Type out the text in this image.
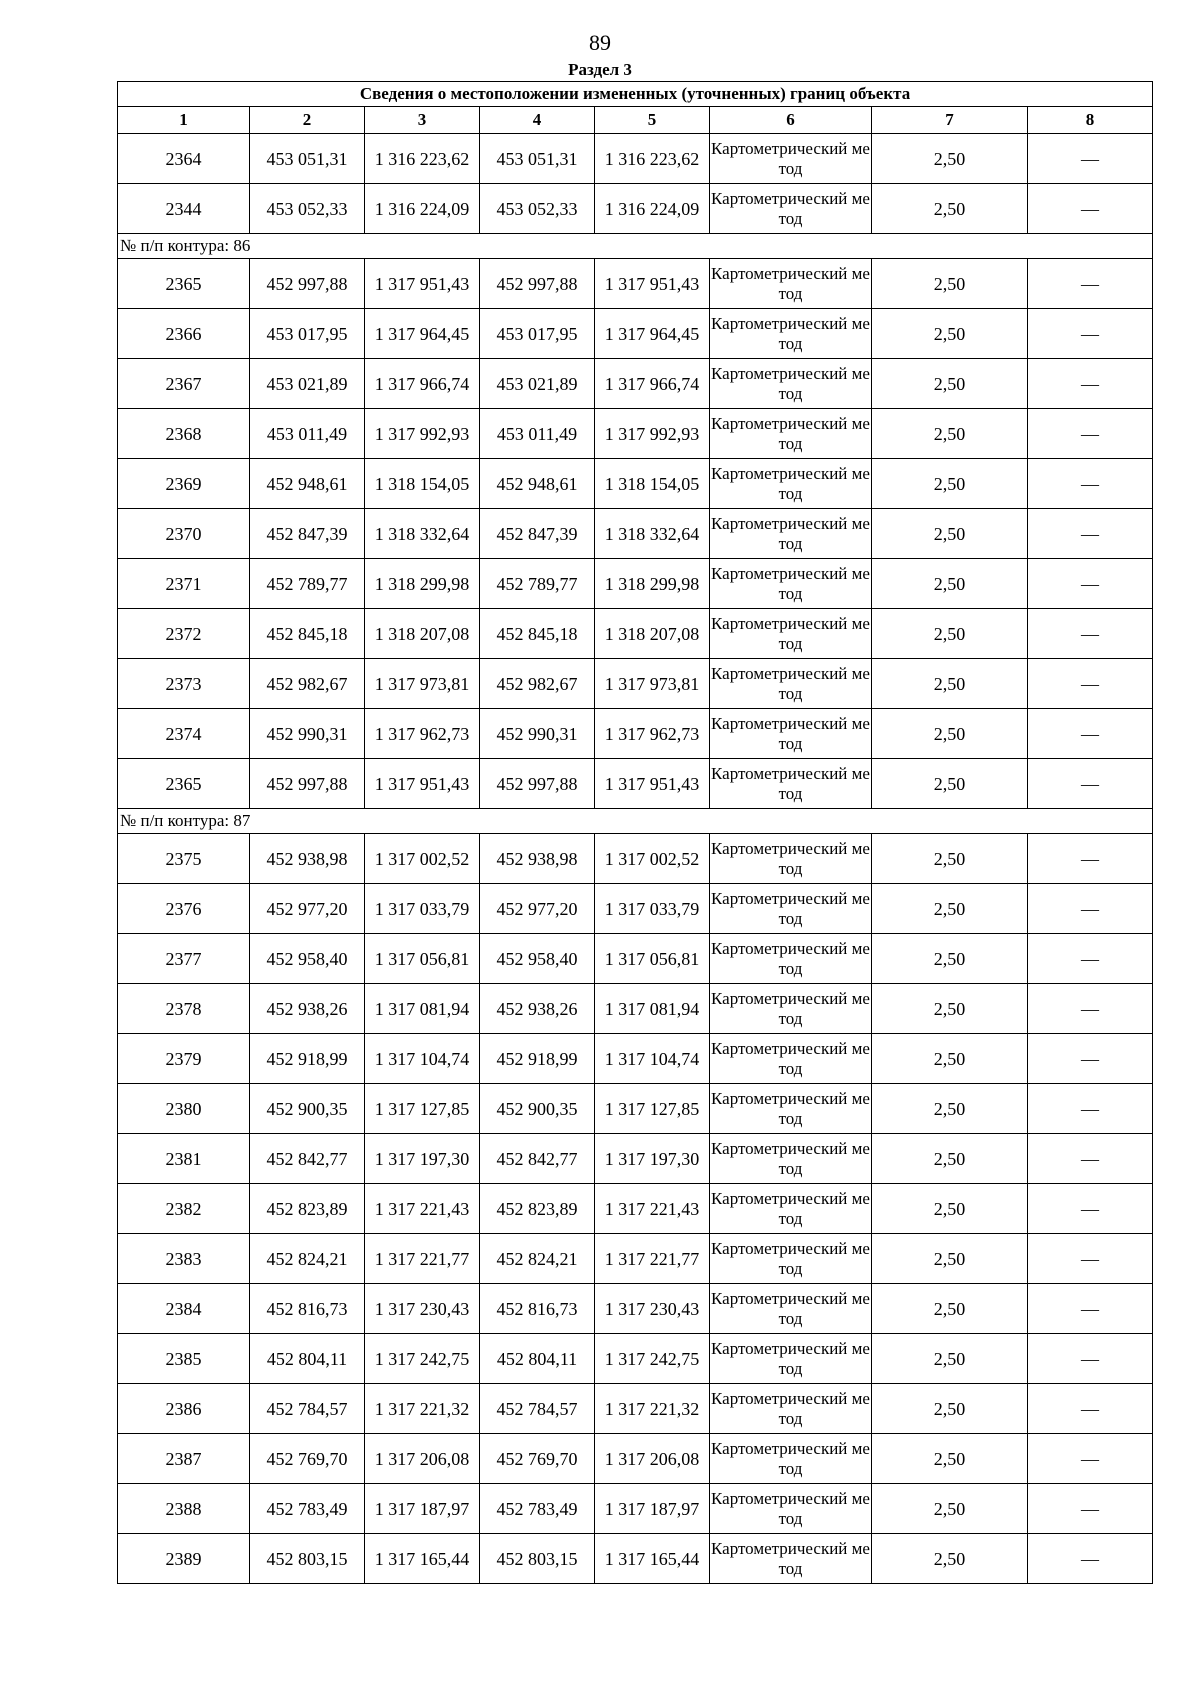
89
Раздел 3
Сведения о местоположении измененных (уточненных) границ объекта							
1	2	3	4	5	6	7	8
2364	453 051,31	1 316 223,62	453 051,31	1 316 223,62	Картометрический метод	2,50	—
2344	453 052,33	1 316 224,09	453 052,33	1 316 224,09	Картометрический метод	2,50	—
№ п/п контура: 86							
2365	452 997,88	1 317 951,43	452 997,88	1 317 951,43	Картометрический метод	2,50	—
2366	453 017,95	1 317 964,45	453 017,95	1 317 964,45	Картометрический метод	2,50	—
2367	453 021,89	1 317 966,74	453 021,89	1 317 966,74	Картометрический метод	2,50	—
2368	453 011,49	1 317 992,93	453 011,49	1 317 992,93	Картометрический метод	2,50	—
2369	452 948,61	1 318 154,05	452 948,61	1 318 154,05	Картометрический метод	2,50	—
2370	452 847,39	1 318 332,64	452 847,39	1 318 332,64	Картометрический метод	2,50	—
2371	452 789,77	1 318 299,98	452 789,77	1 318 299,98	Картометрический метод	2,50	—
2372	452 845,18	1 318 207,08	452 845,18	1 318 207,08	Картометрический метод	2,50	—
2373	452 982,67	1 317 973,81	452 982,67	1 317 973,81	Картометрический метод	2,50	—
2374	452 990,31	1 317 962,73	452 990,31	1 317 962,73	Картометрический метод	2,50	—
2365	452 997,88	1 317 951,43	452 997,88	1 317 951,43	Картометрический метод	2,50	—
№ п/п контура: 87							
2375	452 938,98	1 317 002,52	452 938,98	1 317 002,52	Картометрический метод	2,50	—
2376	452 977,20	1 317 033,79	452 977,20	1 317 033,79	Картометрический метод	2,50	—
2377	452 958,40	1 317 056,81	452 958,40	1 317 056,81	Картометрический метод	2,50	—
2378	452 938,26	1 317 081,94	452 938,26	1 317 081,94	Картометрический метод	2,50	—
2379	452 918,99	1 317 104,74	452 918,99	1 317 104,74	Картометрический метод	2,50	—
2380	452 900,35	1 317 127,85	452 900,35	1 317 127,85	Картометрический метод	2,50	—
2381	452 842,77	1 317 197,30	452 842,77	1 317 197,30	Картометрический метод	2,50	—
2382	452 823,89	1 317 221,43	452 823,89	1 317 221,43	Картометрический метод	2,50	—
2383	452 824,21	1 317 221,77	452 824,21	1 317 221,77	Картометрический метод	2,50	—
2384	452 816,73	1 317 230,43	452 816,73	1 317 230,43	Картометрический метод	2,50	—
2385	452 804,11	1 317 242,75	452 804,11	1 317 242,75	Картометрический метод	2,50	—
2386	452 784,57	1 317 221,32	452 784,57	1 317 221,32	Картометрический метод	2,50	—
2387	452 769,70	1 317 206,08	452 769,70	1 317 206,08	Картометрический метод	2,50	—
2388	452 783,49	1 317 187,97	452 783,49	1 317 187,97	Картометрический метод	2,50	—
2389	452 803,15	1 317 165,44	452 803,15	1 317 165,44	Картометрический метод	2,50	—
